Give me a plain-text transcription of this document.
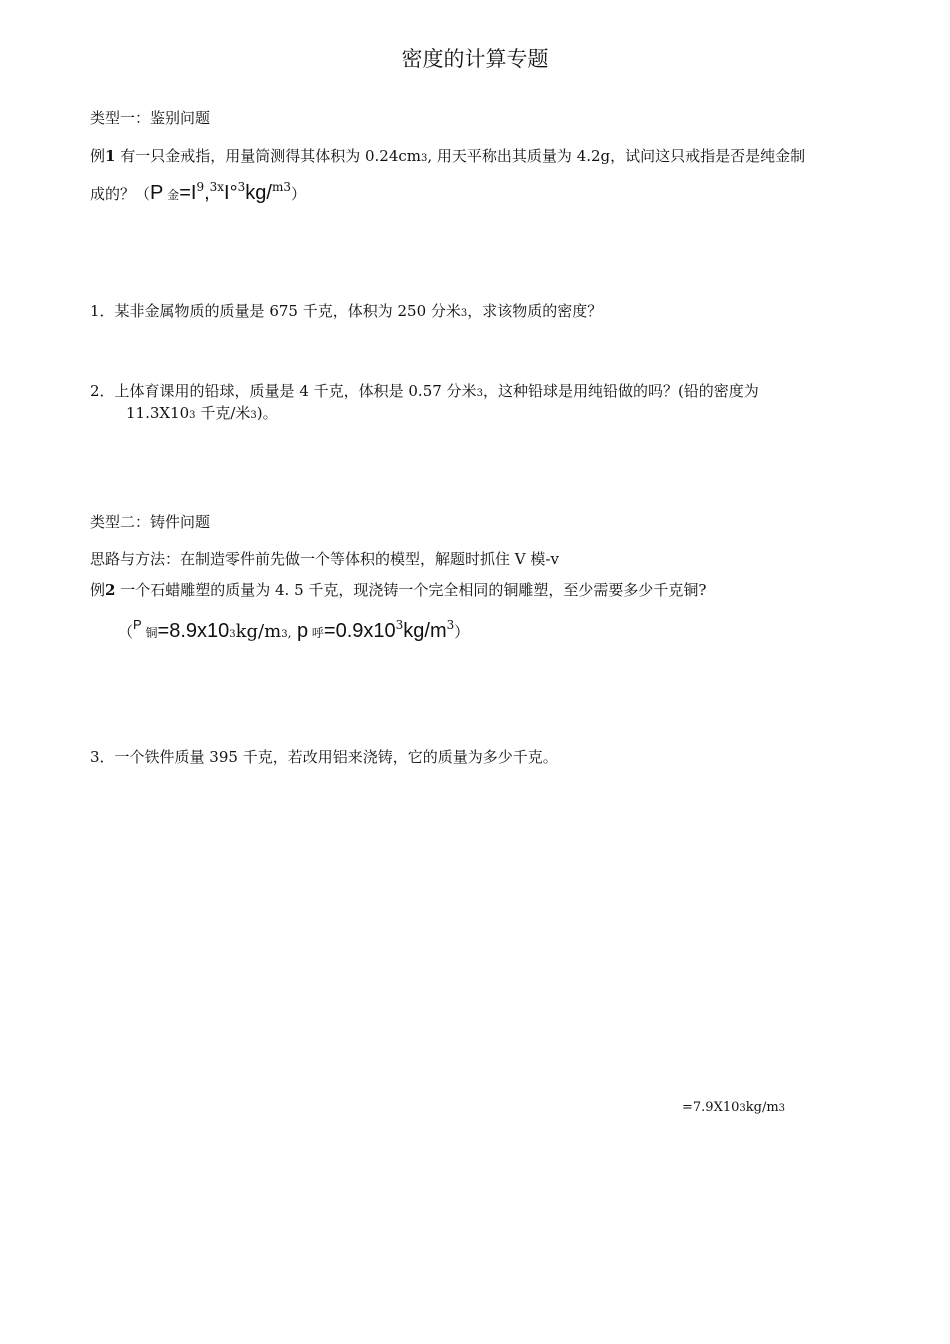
密度的计算专题
类型一：鉴别问题
例1 有一只金戒指，用量筒测得其体积为 0.24cm3, 用天平称出其质量为 4.2g，试问这只戒指是否是纯金制
成的？（P 金$=I^9,^{3x}I^\circ^3kg/^{m3}$）
1．某非金属物质的质量是 675 千克，体积为 250 分米3，求该物质的密度？
2．上体育课用的铅球，质量是 4 千克，体积是 0.57 分米3，这种铅球是用纯铅做的吗？(铅的密度为
11.3X103 千克/米3)。
类型二：铸件问题
思路与方法：在制造零件前先做一个等体积的模型，解题时抓住 V 模-v
例2 一个石蜡雕塑的质量为 4. 5 千克，现浇铸一个完全相同的铜雕塑，至少需要多少千克铜?
（$^P$ 铜=8.9x103kg/m3, p 呼$=0.9x10^3kg/m^3$）
3．一个铁件质量 395 千克，若改用铝来浇铸，它的质量为多少千克。
=7.9X103kg/m3
